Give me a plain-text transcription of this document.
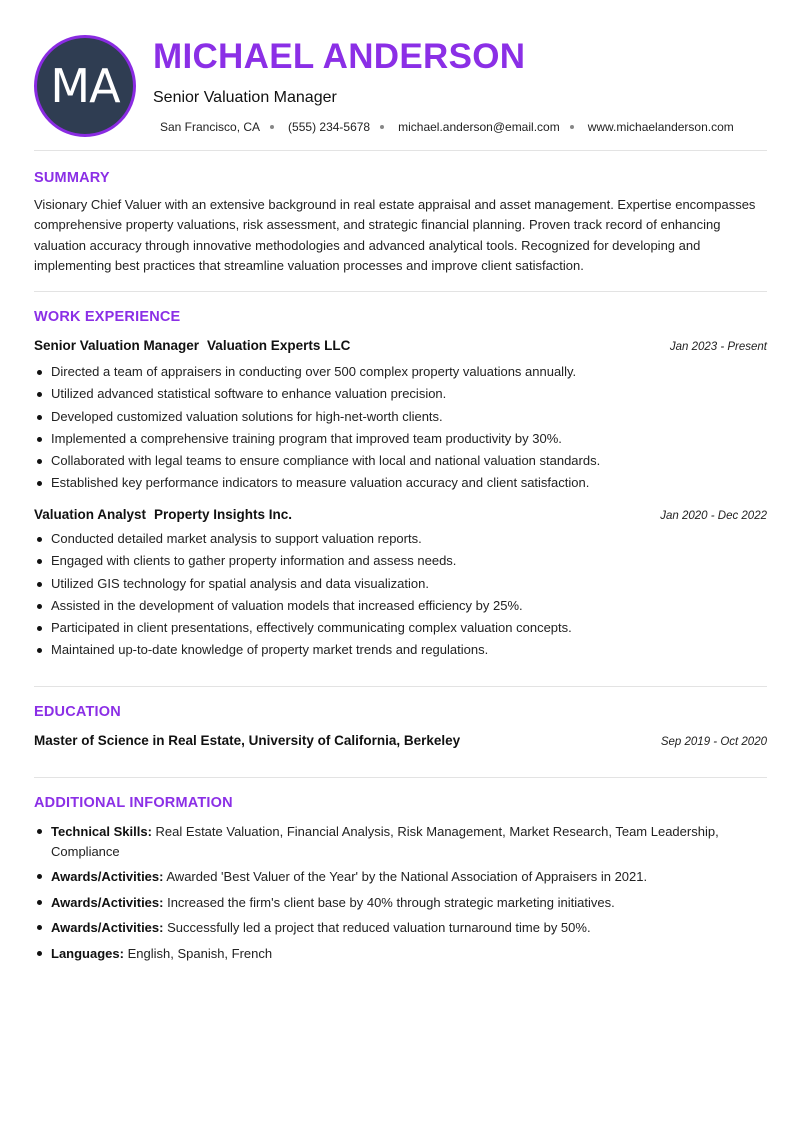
MA
MICHAEL ANDERSON
Senior Valuation Manager
San Francisco, CA (555) 234-5678 michael.anderson@email.com www.michaelanderson.com
SUMMARY
Visionary Chief Valuer with an extensive background in real estate appraisal and asset management. Expertise encompasses comprehensive property valuations, risk assessment, and strategic financial planning. Proven track record of enhancing valuation accuracy through innovative methodologies and advanced analytical tools. Recognized for developing and implementing best practices that streamline valuation processes and improve client satisfaction.
WORK EXPERIENCE
Senior Valuation Manager Valuation Experts LLC	Jan 2023 - Present
Directed a team of appraisers in conducting over 500 complex property valuations annually.
Utilized advanced statistical software to enhance valuation precision.
Developed customized valuation solutions for high-net-worth clients.
Implemented a comprehensive training program that improved team productivity by 30%.
Collaborated with legal teams to ensure compliance with local and national valuation standards.
Established key performance indicators to measure valuation accuracy and client satisfaction.
Valuation Analyst Property Insights Inc.	Jan 2020 - Dec 2022
Conducted detailed market analysis to support valuation reports.
Engaged with clients to gather property information and assess needs.
Utilized GIS technology for spatial analysis and data visualization.
Assisted in the development of valuation models that increased efficiency by 25%.
Participated in client presentations, effectively communicating complex valuation concepts.
Maintained up-to-date knowledge of property market trends and regulations.
EDUCATION
Master of Science in Real Estate, University of California, Berkeley	Sep 2019 - Oct 2020
ADDITIONAL INFORMATION
Technical Skills: Real Estate Valuation, Financial Analysis, Risk Management, Market Research, Team Leadership, Compliance
Awards/Activities: Awarded 'Best Valuer of the Year' by the National Association of Appraisers in 2021.
Awards/Activities: Increased the firm's client base by 40% through strategic marketing initiatives.
Awards/Activities: Successfully led a project that reduced valuation turnaround time by 50%.
Languages: English, Spanish, French
